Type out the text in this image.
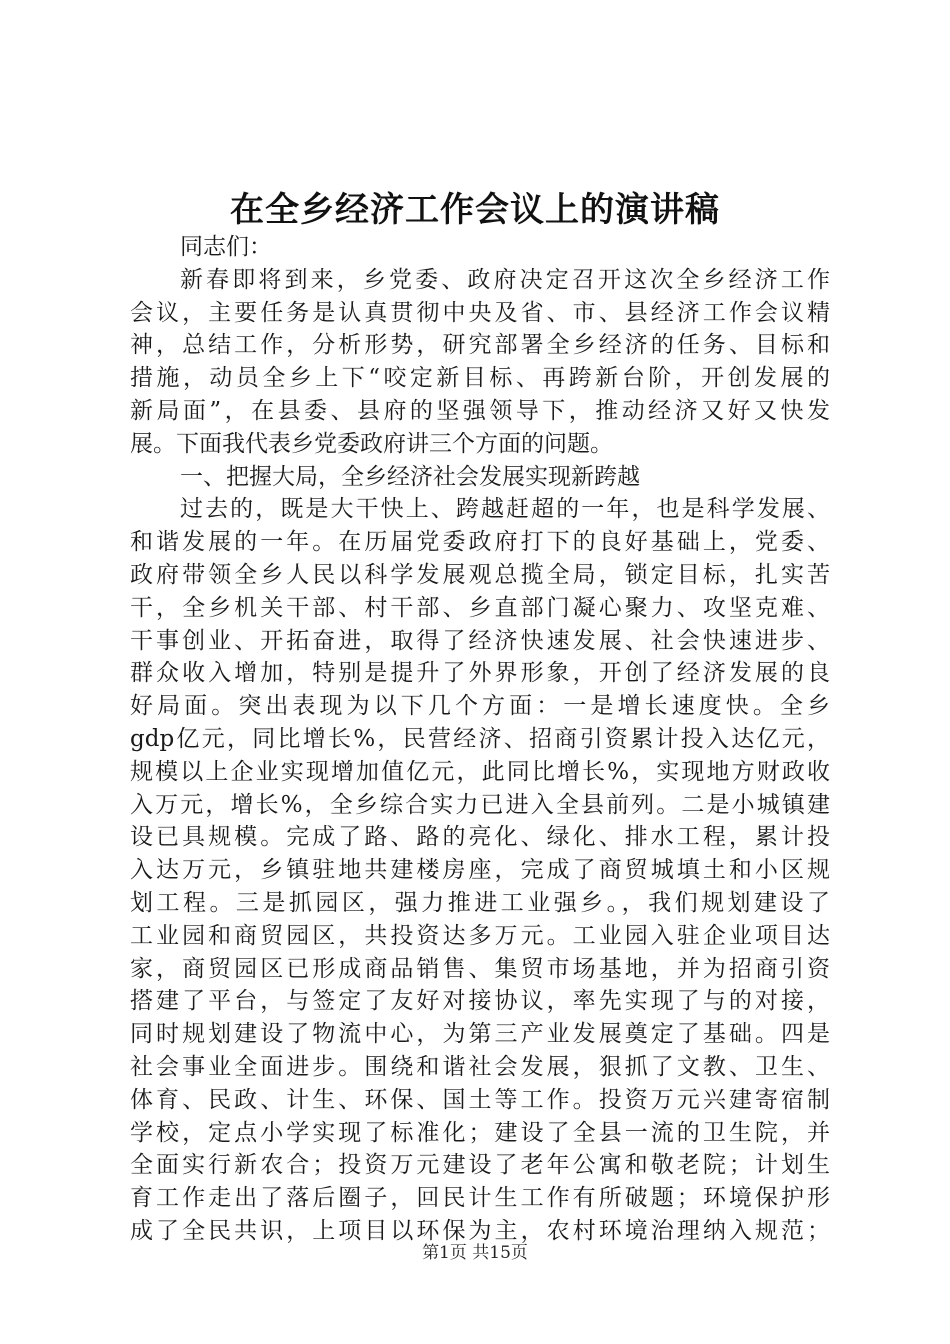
在全乡经济工作会议上的演讲稿
同志们：
新春即将到来，乡党委、政府决定召开这次全乡经济工作
会议，主要任务是认真贯彻中央及省、市、县经济工作会议精
神，总结工作，分析形势，研究部署全乡经济的任务、目标和
措施，动员全乡上下“咬定新目标、再跨新台阶，开创发展的
新局面”，在县委、县府的坚强领导下，推动经济又好又快发
展。下面我代表乡党委政府讲三个方面的问题。
一、把握大局，全乡经济社会发展实现新跨越
过去的，既是大干快上、跨越赶超的一年，也是科学发展、
和谐发展的一年。在历届党委政府打下的良好基础上，党委、
政府带领全乡人民以科学发展观总揽全局，锁定目标，扎实苦
干，全乡机关干部、村干部、乡直部门凝心聚力、攻坚克难、
干事创业、开拓奋进，取得了经济快速发展、社会快速进步、
群众收入增加，特别是提升了外界形象，开创了经济发展的良
好局面。突出表现为以下几个方面：一是增长速度快。全乡
gdp亿元，同比增长%，民营经济、招商引资累计投入达亿元，
规模以上企业实现增加值亿元，此同比增长%，实现地方财政收
入万元，增长%，全乡综合实力已进入全县前列。二是小城镇建
设已具规模。完成了路、路的亮化、绿化、排水工程，累计投
入达万元，乡镇驻地共建楼房座，完成了商贸城填土和小区规
划工程。三是抓园区，强力推进工业强乡。，我们规划建设了
工业园和商贸园区，共投资达多万元。工业园入驻企业项目达
家，商贸园区已形成商品销售、集贸市场基地，并为招商引资
搭建了平台，与签定了友好对接协议，率先实现了与的对接，
同时规划建设了物流中心，为第三产业发展奠定了基础。四是
社会事业全面进步。围绕和谐社会发展，狠抓了文教、卫生、
体育、民政、计生、环保、国土等工作。投资万元兴建寄宿制
学校，定点小学实现了标准化；建设了全县一流的卫生院，并
全面实行新农合；投资万元建设了老年公寓和敬老院；计划生
育工作走出了落后圈子，回民计生工作有所破题；环境保护形
成了全民共识，上项目以环保为主，农村环境治理纳入规范；
第1页 共15页
